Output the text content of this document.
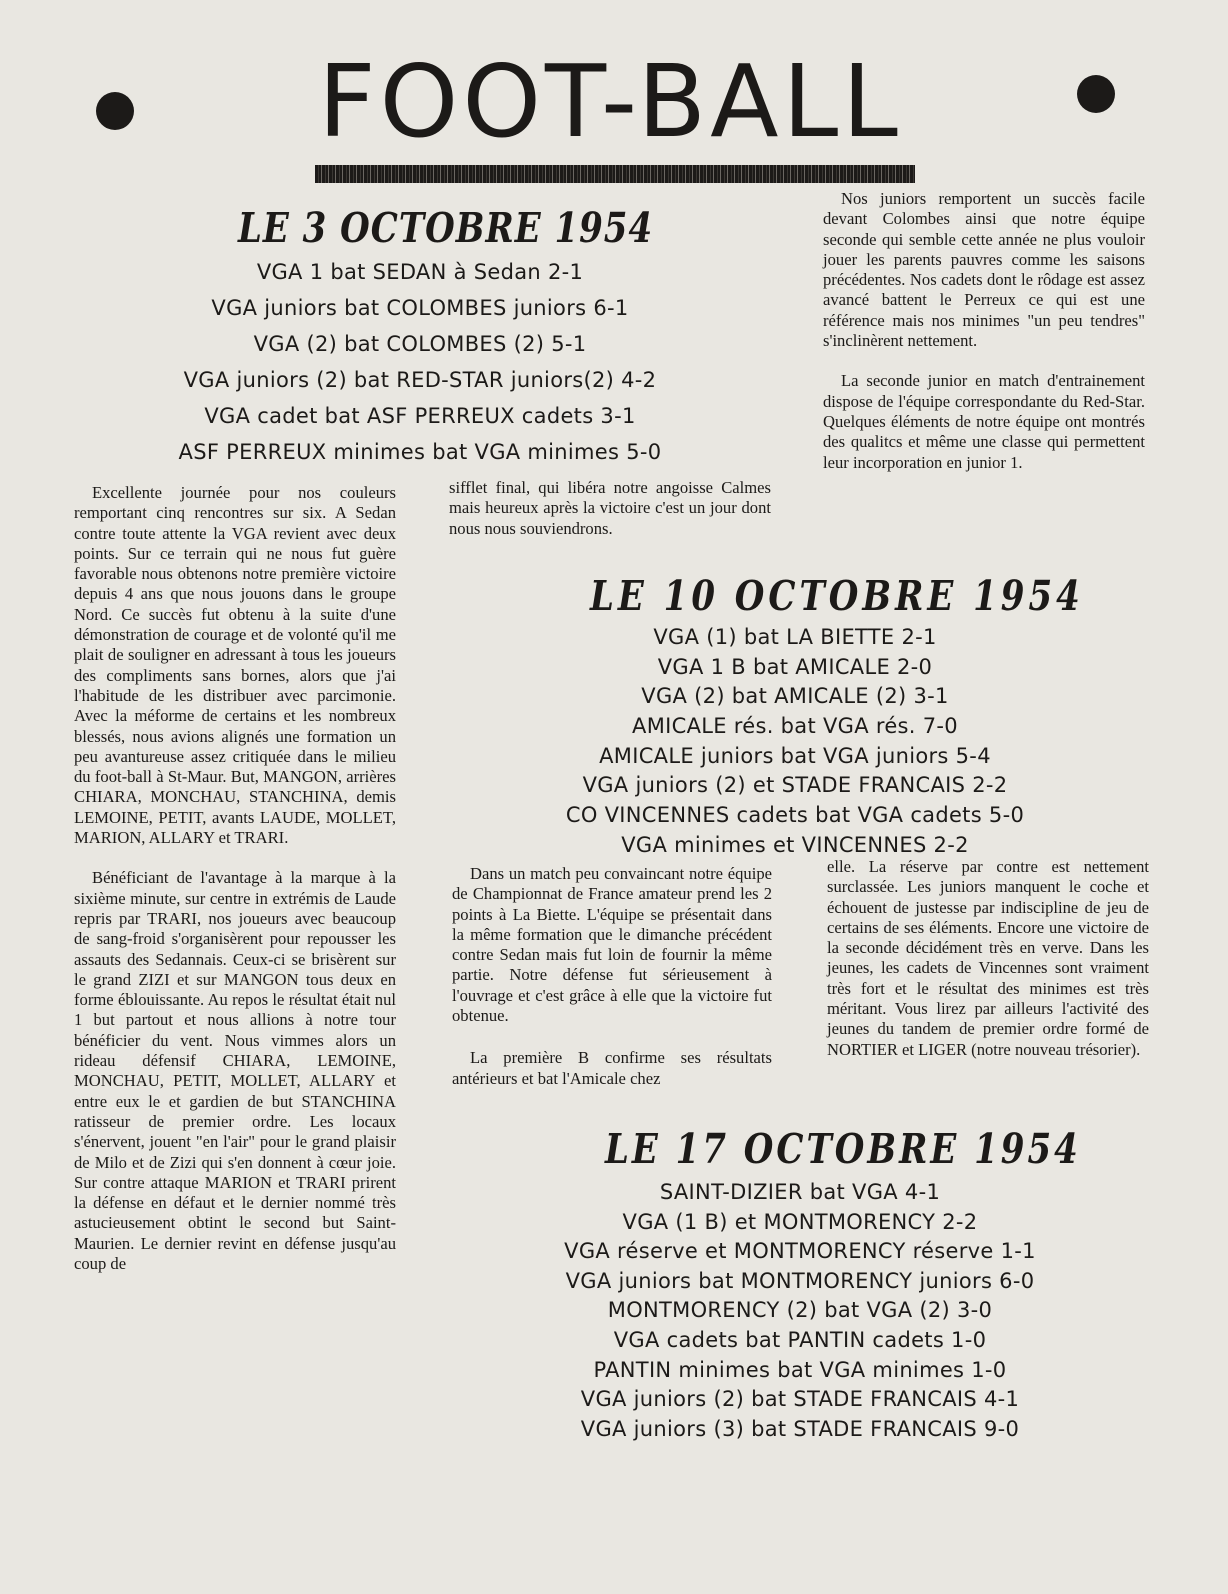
FOOT-BALL
LE 3 OCTOBRE 1954
VGA 1 bat SEDAN à Sedan 2-1
VGA juniors bat COLOMBES juniors 6-1
VGA (2) bat COLOMBES (2) 5-1
VGA juniors (2) bat RED-STAR juniors(2) 4-2
VGA cadet bat ASF PERREUX cadets 3-1
ASF PERREUX minimes bat VGA minimes 5-0

Excellente journée pour nos couleurs remportant cinq rencontres sur six. A Sedan contre toute attente la VGA revient avec deux points. Sur ce terrain qui ne nous fut guère favorable nous obtenons notre première victoire depuis 4 ans que nous jouons dans le groupe Nord. Ce succès fut obtenu à la suite d'une démonstration de courage et de volonté qu'il me plait de souligner en adressant à tous les joueurs des compliments sans bornes, alors que j'ai l'habitude de les distribuer avec parcimonie. Avec la méforme de certains et les nombreux blessés, nous avions alignés une formation un peu avantureuse assez critiquée dans le milieu du foot-ball à St-Maur. But, MANGON, arrières CHIARA, MONCHAU, STANCHINA, demis LEMOINE, PETIT, avants LAUDE, MOLLET, MARION, ALLARY et TRARI.

Bénéficiant de l'avantage à la marque à la sixième minute, sur centre in extrémis de Laude repris par TRARI, nos joueurs avec beaucoup de sang-froid s'organisèrent pour repousser les assauts des Sedannais. Ceux-ci se brisèrent sur le grand ZIZI et sur MANGON tous deux en forme éblouissante. Au repos le résultat était nul 1 but partout et nous allions à notre tour bénéficier du vent. Nous vimmes alors un rideau défensif CHIARA, LEMOINE, MONCHAU, PETIT, MOLLET, ALLARY et entre eux le et gardien de but STANCHINA ratisseur de premier ordre. Les locaux s'énervent, jouent "en l'air" pour le grand plaisir de Milo et de Zizi qui s'en donnent à cœur joie. Sur contre attaque MARION et TRARI prirent la défense en défaut et le dernier nommé très astucieusement obtint le second but Saint-Maurien. Le dernier revint en défense jusqu'au coup de

sifflet final, qui libéra notre angoisse Calmes mais heureux après la victoire c'est un jour dont nous nous souviendrons.

Nos juniors remportent un succès facile devant Colombes ainsi que notre équipe seconde qui semble cette année ne plus vouloir jouer les parents pauvres comme les saisons précédentes. Nos cadets dont le rôdage est assez avancé battent le Perreux ce qui est une référence mais nos minimes "un peu tendres" s'inclinèrent nettement.

La seconde junior en match d'entrainement dispose de l'équipe correspondante du Red-Star. Quelques éléments de notre équipe ont montrés des qualitcs et même une classe qui permettent leur incorporation en junior 1.

LE 10 OCTOBRE 1954
VGA (1) bat LA BIETTE 2-1
VGA 1 B bat AMICALE 2-0
VGA (2) bat AMICALE (2) 3-1
AMICALE rés. bat VGA rés. 7-0
AMICALE juniors bat VGA juniors 5-4
VGA juniors (2) et STADE FRANCAIS 2-2
CO VINCENNES cadets bat VGA cadets 5-0
VGA minimes et VINCENNES 2-2

Dans un match peu convaincant notre équipe de Championnat de France amateur prend les 2 points à La Biette. L'équipe se présentait dans la même formation que le dimanche précédent contre Sedan mais fut loin de fournir la même partie. Notre défense fut sérieusement à l'ouvrage et c'est grâce à elle que la victoire fut obtenue.

La première B confirme ses résultats antérieurs et bat l'Amicale chez

elle. La réserve par contre est nettement surclassée. Les juniors manquent le coche et échouent de justesse par indiscipline de jeu de certains de ses éléments. Encore une victoire de la seconde décidément très en verve. Dans les jeunes, les cadets de Vincennes sont vraiment très fort et le résultat des minimes est très méritant. Vous lirez par ailleurs l'activité des jeunes du tandem de premier ordre formé de NORTIER et LIGER (notre nouveau trésorier).

LE 17 OCTOBRE 1954
SAINT-DIZIER bat VGA 4-1
VGA (1 B) et MONTMORENCY 2-2
VGA réserve et MONTMORENCY réserve 1-1
VGA juniors bat MONTMORENCY juniors 6-0
MONTMORENCY (2) bat VGA (2) 3-0
VGA cadets bat PANTIN cadets 1-0
PANTIN minimes bat VGA minimes 1-0
VGA juniors (2) bat STADE FRANCAIS 4-1
VGA juniors (3) bat STADE FRANCAIS 9-0
